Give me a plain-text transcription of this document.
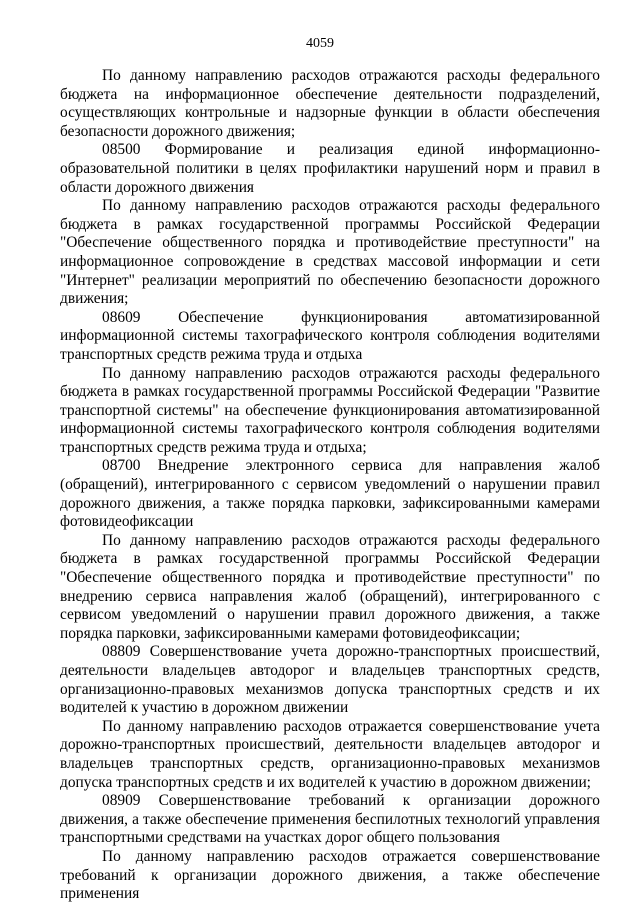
4059

По данному направлению расходов отражаются расходы федерального бюджета на информационное обеспечение деятельности подразделений, осуществляющих контрольные и надзорные функции в области обеспечения безопасности дорожного движения;

08500 Формирование и реализация единой информационно-образовательной политики в целях профилактики нарушений норм и правил в области дорожного движения

По данному направлению расходов отражаются расходы федерального бюджета в рамках государственной программы Российской Федерации "Обеспечение общественного порядка и противодействие преступности" на информационное сопровождение в средствах массовой информации и сети "Интернет" реализации мероприятий по обеспечению безопасности дорожного движения;

08609 Обеспечение функционирования автоматизированной информационной системы тахографического контроля соблюдения водителями транспортных средств режима труда и отдыха

По данному направлению расходов отражаются расходы федерального бюджета в рамках государственной программы Российской Федерации "Развитие транспортной системы" на обеспечение функционирования автоматизированной информационной системы тахографического контроля соблюдения водителями транспортных средств режима труда и отдыха;

08700 Внедрение электронного сервиса для направления жалоб (обращений), интегрированного с сервисом уведомлений о нарушении правил дорожного движения, а также порядка парковки, зафиксированными камерами фотовидеофиксации

По данному направлению расходов отражаются расходы федерального бюджета в рамках государственной программы Российской Федерации "Обеспечение общественного порядка и противодействие преступности" по внедрению сервиса направления жалоб (обращений), интегрированного с сервисом уведомлений о нарушении правил дорожного движения, а также порядка парковки, зафиксированными камерами фотовидеофиксации;

08809 Совершенствование учета дорожно-транспортных происшествий, деятельности владельцев автодорог и владельцев транспортных средств, организационно-правовых механизмов допуска транспортных средств и их водителей к участию в дорожном движении

По данному направлению расходов отражается совершенствование учета дорожно-транспортных происшествий, деятельности владельцев автодорог и владельцев транспортных средств, организационно-правовых механизмов допуска транспортных средств и их водителей к участию в дорожном движении;

08909 Совершенствование требований к организации дорожного движения, а также обеспечение применения беспилотных технологий управления транспортными средствами на участках дорог общего пользования

По данному направлению расходов отражается совершенствование требований к организации дорожного движения, а также обеспечение применения
